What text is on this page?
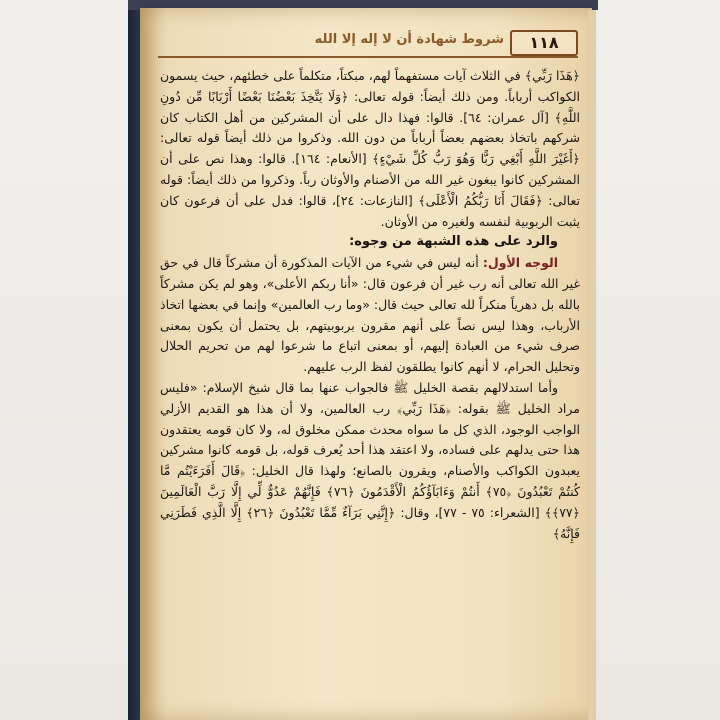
١١٨
شروط شهادة أن لا إله إلا الله

﴿هَذَا رَبِّي﴾ في الثلاث آيات مستفهماً لهم، مبكتاً، متكلماً على خطئهم، حيث يسمون الكواكب أرباباً. ومن ذلك أيضاً: قوله تعالى: ﴿وَلَا يَتَّخِذَ بَعْضُنَا بَعْضًا أَرْبَابًا مِّن دُونِ اللَّهِ﴾ [آل عمران: ٦٤]. قالوا: فهذا دال على أن المشركين من أهل الكتاب كان شركهم باتخاذ بعضهم بعضاً أرباباً من دون الله. وذكروا من ذلك أيضاً قوله تعالى: ﴿أَغَيْرَ اللَّهِ أَبْغِي رَبًّا وَهُوَ رَبُّ كُلِّ شَيْءٍ﴾ [الأنعام: ١٦٤]. قالوا: وهذا نص على أن المشركين كانوا يبغون غير الله من الأصنام والأوثان رباً. وذكروا من ذلك أيضاً: قوله تعالى: ﴿فَقَالَ أَنَا رَبُّكُمُ الْأَعْلَى﴾ [النازعات: ٢٤]، قالوا: فدل على أن فرعون كان يثبت الربوبية لنفسه ولغيره من الأوثان.

والرد على هذه الشبهة من وجوه:

الوجه الأول: أنه ليس في شيء من الآيات المذكورة أن مشركاً قال في حق غير الله تعالى أنه رب غير أن فرعون قال: «أنا ربكم الأعلى»، وهو لم يكن مشركاً بالله بل دهرياً منكراً لله تعالى حيث قال: «وما رب العالمين» وإنما في بعضها اتخاذ الأرباب، وهذا ليس نصاً على أنهم مقرون بربوبيتهم، بل يحتمل أن يكون بمعنى صرف شيء من العبادة إليهم، أو بمعنى اتباع ما شرعوا لهم من تحريم الحلال وتحليل الحرام، لا أنهم كانوا يطلقون لفظ الرب عليهم.

وأما استدلالهم بقصة الخليل ﷺ فالجواب عنها بما قال شيخ الإسلام: «فليس مراد الخليل ﷺ بقوله: ﴿هَذَا رَبِّي﴾ رب العالمين، ولا أن هذا هو القديم الأزلي الواجب الوجود، الذي كل ما سواه محدث ممكن مخلوق له، ولا كان قومه يعتقدون هذا حتى يدلهم على فساده، ولا اعتقد هذا أحد يُعرف قوله، بل قومه كانوا مشركين يعبدون الكواكب والأصنام، ويقرون بالصانع؛ ولهذا قال الخليل: ﴿قَالَ أَفَرَءَيْتُم مَّا كُنتُمْ تَعْبُدُونَ ﴿٧٥﴾ أَنتُمْ وَءَابَآؤُكُمُ الْأَقْدَمُونَ ﴿٧٦﴾ فَإِنَّهُمْ عَدُوٌّ لِّي إِلَّا رَبَّ الْعَالَمِينَ ﴿٧٧﴾﴾ [الشعراء: ٧٥ - ٧٧]، وقال: ﴿إِنَّنِي بَرَآءٌ مِّمَّا تَعْبُدُونَ ﴿٢٦﴾ إِلَّا الَّذِي فَطَرَنِي فَإِنَّهُ﴾
